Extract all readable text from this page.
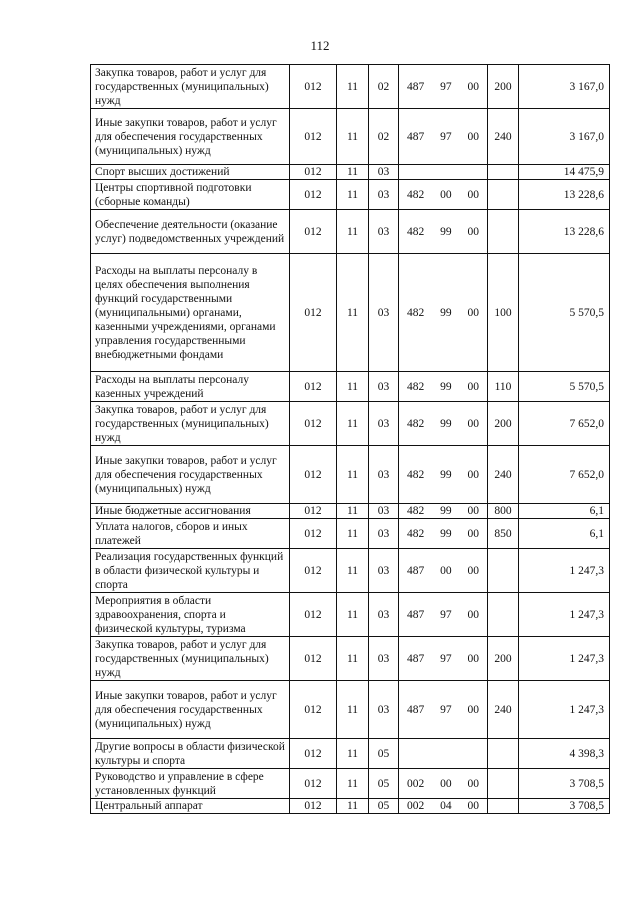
112
Закупка товаров, работ и услуг для государственных (муниципальных) нужд	012	11	02	487 97 00	200	3 167,0
Иные закупки товаров, работ и услуг для обеспечения государственных (муниципальных) нужд	012	11	02	487 97 00	240	3 167,0
Спорт высших достижений	012	11	03			14 475,9
Центры спортивной подготовки (сборные команды)	012	11	03	482 00 00		13 228,6
Обеспечение деятельности (оказание услуг) подведомственных учреждений	012	11	03	482 99 00		13 228,6
Расходы на выплаты персоналу в целях обеспечения выполнения функций государственными (муниципальными) органами, казенными учреждениями, органами управления государственными внебюджетными фондами	012	11	03	482 99 00	100	5 570,5
Расходы на выплаты персоналу казенных учреждений	012	11	03	482 99 00	110	5 570,5
Закупка товаров, работ и услуг для государственных (муниципальных) нужд	012	11	03	482 99 00	200	7 652,0
Иные закупки товаров, работ и услуг для обеспечения государственных (муниципальных) нужд	012	11	03	482 99 00	240	7 652,0
Иные бюджетные ассигнования	012	11	03	482 99 00	800	6,1
Уплата налогов, сборов и иных платежей	012	11	03	482 99 00	850	6,1
Реализация государственных функций в области физической культуры и спорта	012	11	03	487 00 00		1 247,3
Мероприятия в области здравоохранения, спорта и физической культуры, туризма	012	11	03	487 97 00		1 247,3
Закупка товаров, работ и услуг для государственных (муниципальных) нужд	012	11	03	487 97 00	200	1 247,3
Иные закупки товаров, работ и услуг для обеспечения государственных (муниципальных) нужд	012	11	03	487 97 00	240	1 247,3
Другие вопросы в области физической культуры и спорта	012	11	05			4 398,3
Руководство и управление в сфере установленных функций	012	11	05	002 00 00		3 708,5
Центральный аппарат	012	11	05	002 04 00		3 708,5
